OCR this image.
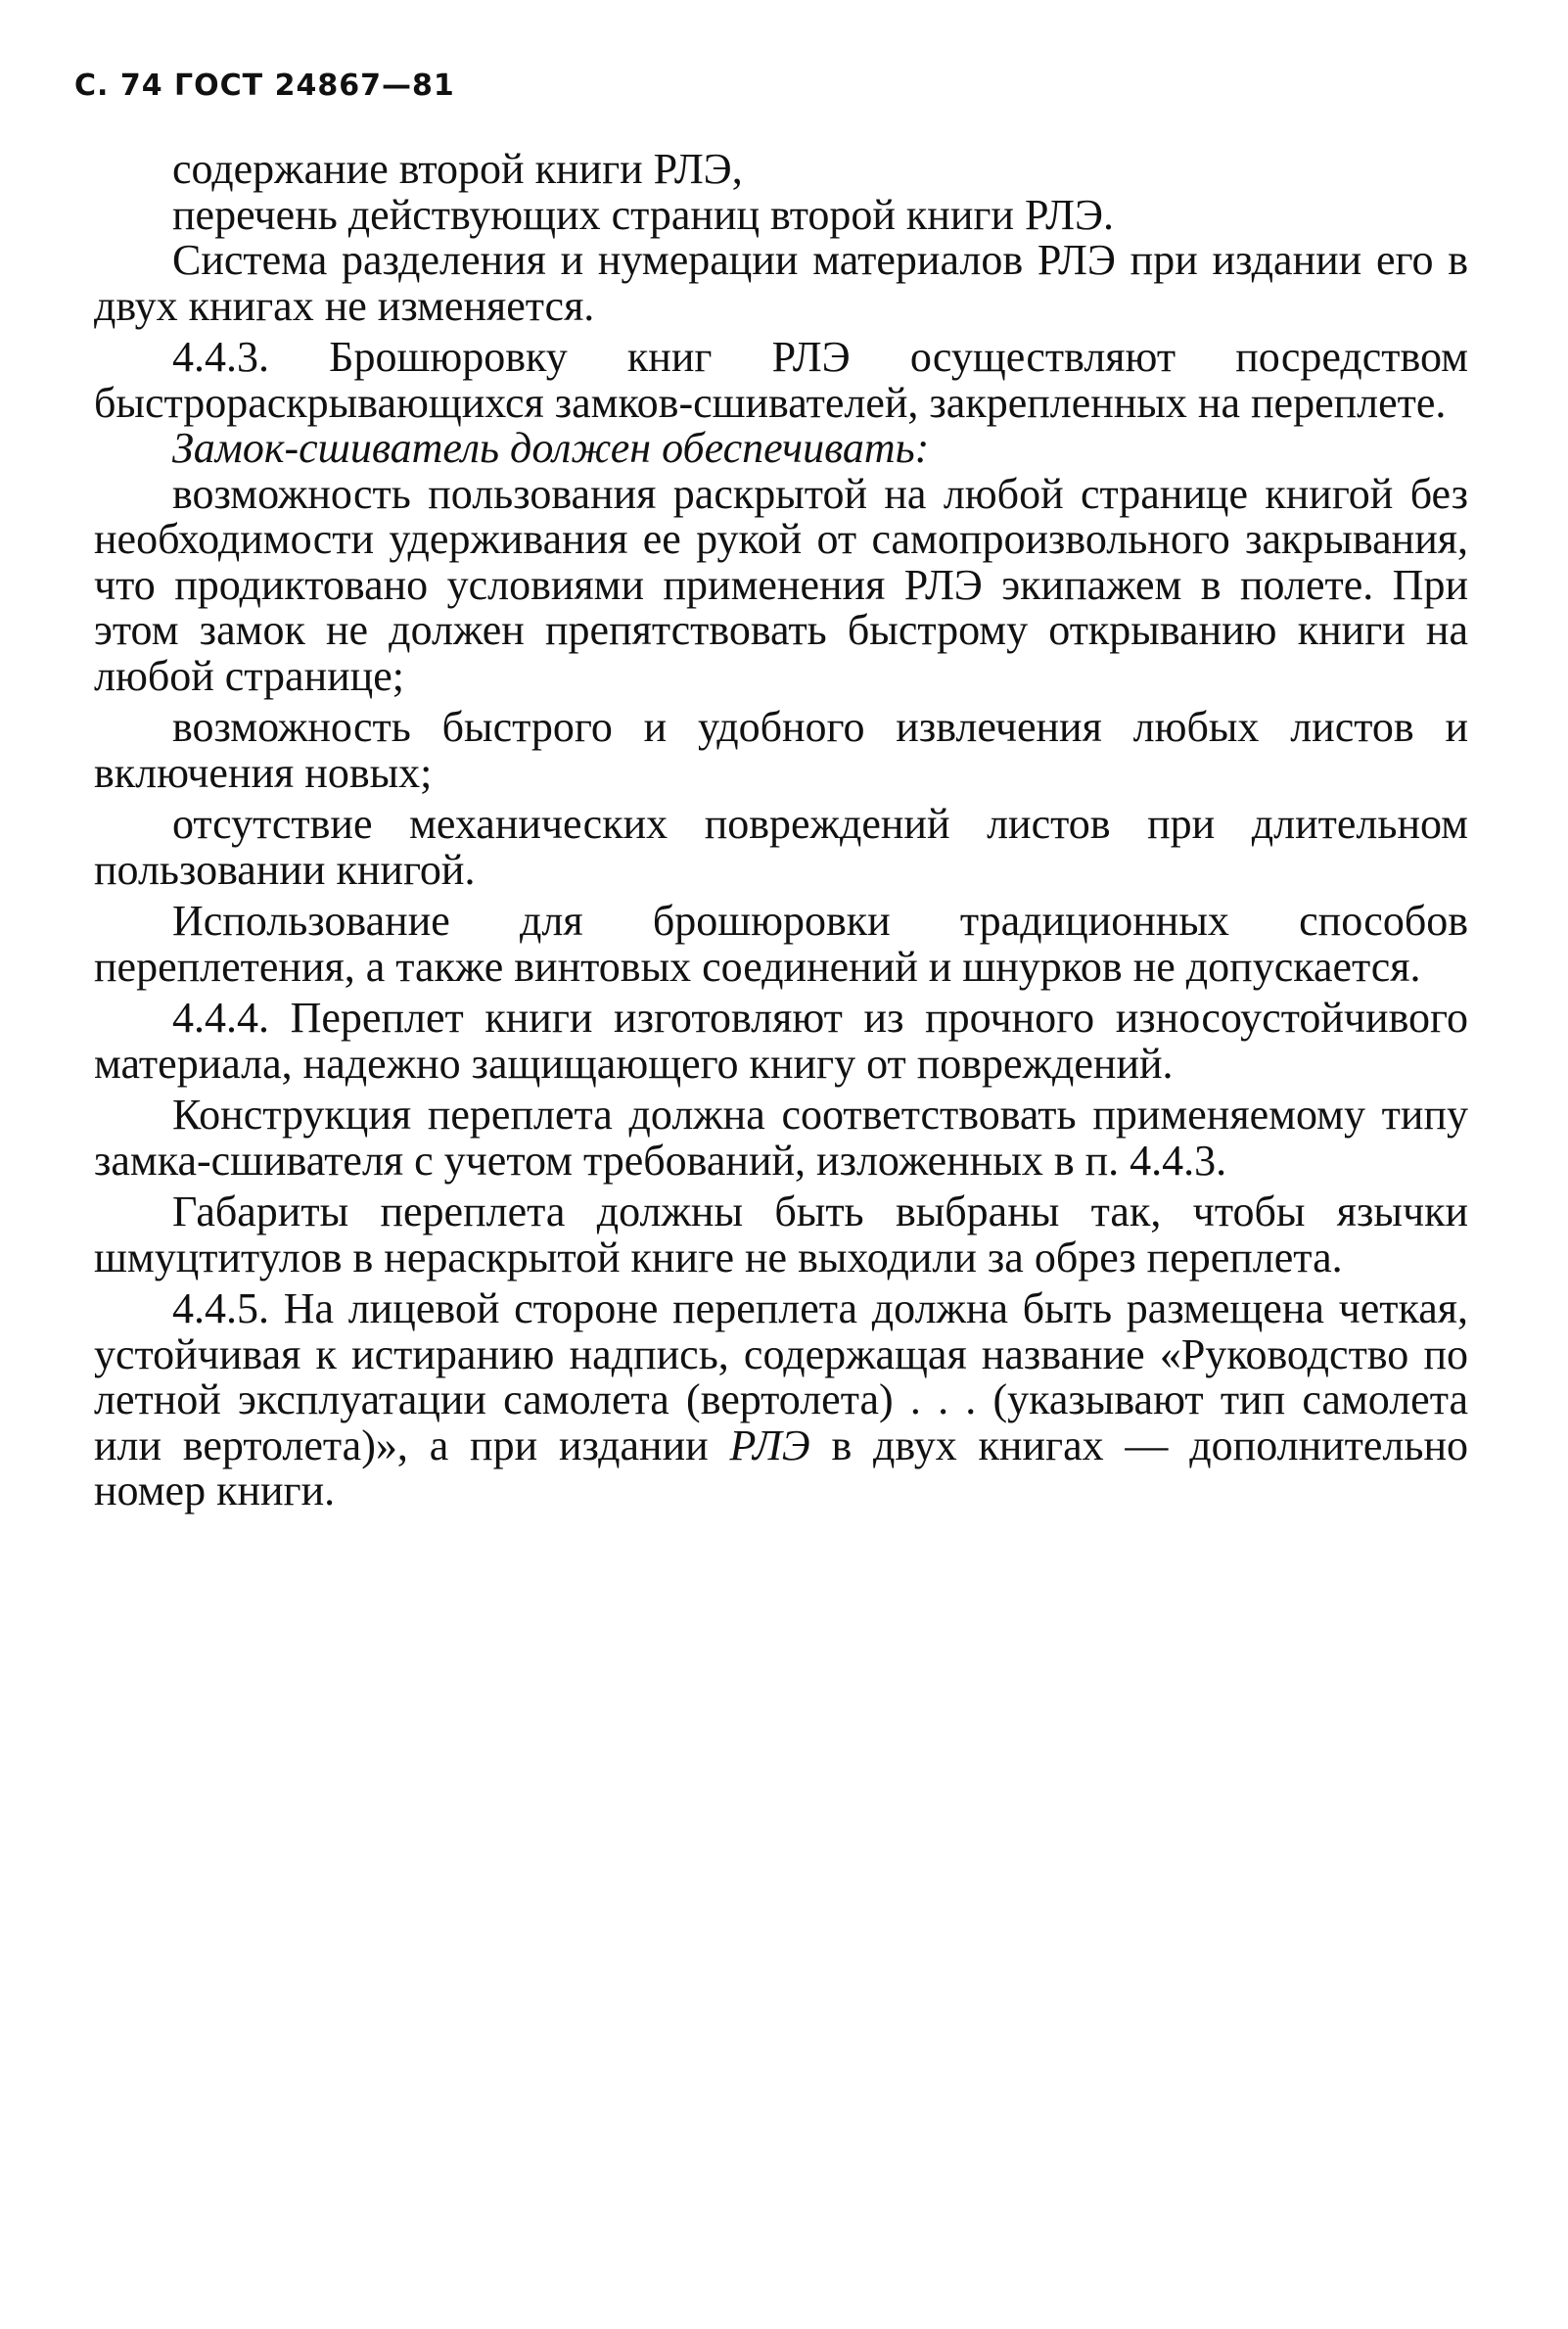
С. 74 ГОСТ 24867—81

содержание второй книги РЛЭ,

перечень действующих страниц второй книги РЛЭ.

Система разделения и нумерации материалов РЛЭ при издании его в двух книгах не изменяется.

4.4.3. Брошюровку книг РЛЭ осуществляют посредством быстрораскрывающихся замков-сшивателей, закрепленных на переплете.

Замок-сшиватель должен обеспечивать:

возможность пользования раскрытой на любой странице книгой без необходимости удерживания ее рукой от самопроизвольного закрывания, что продиктовано условиями применения РЛЭ экипажем в полете. При этом замок не должен препятствовать быстрому открыванию книги на любой странице;

возможность быстрого и удобного извлечения любых листов и включения новых;

отсутствие механических повреждений листов при длительном пользовании книгой.

Использование для брошюровки традиционных способов переплетения, а также винтовых соединений и шнурков не допускается.

4.4.4. Переплет книги изготовляют из прочного износоустойчивого материала, надежно защищающего книгу от повреждений.

Конструкция переплета должна соответствовать применяемому типу замка-сшивателя с учетом требований, изложенных в п. 4.4.3.

Габариты переплета должны быть выбраны так, чтобы язычки шмуцтитулов в нераскрытой книге не выходили за обрез переплета.

4.4.5. На лицевой стороне переплета должна быть размещена четкая, устойчивая к истиранию надпись, содержащая название «Руководство по летной эксплуатации самолета (вертолета) . . . (указывают тип самолета или вертолета)», а при издании РЛЭ в двух книгах — дополнительно номер книги.
